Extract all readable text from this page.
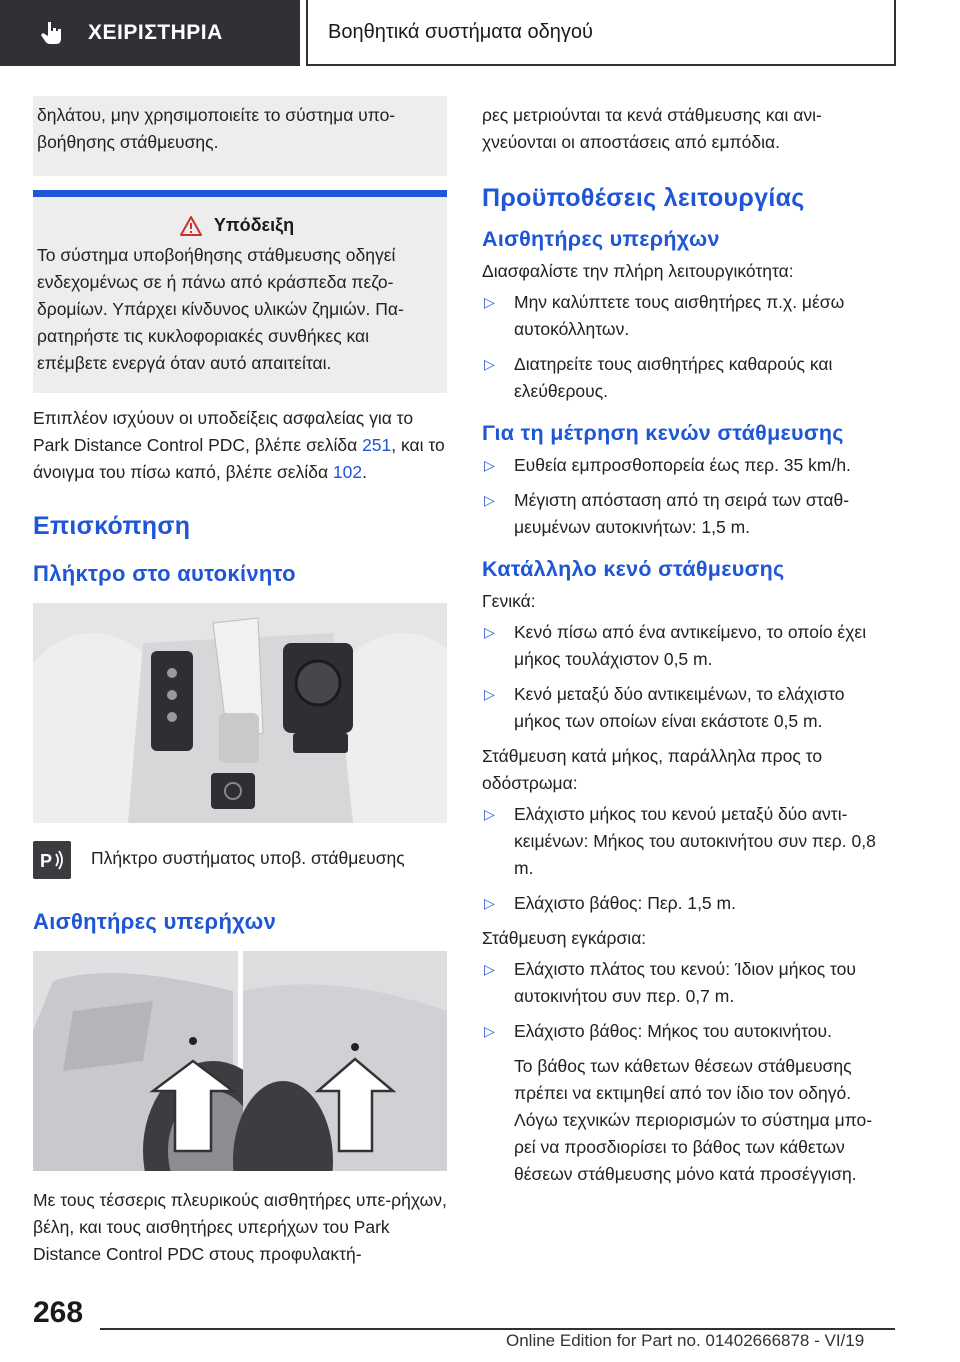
ΧΕΙΡΙΣΤΗΡΙΑ	Βοηθητικά συστήματα οδηγού

δηλάτου, μην χρησιμοποιείτε το σύστημα υπο-βοήθησης στάθμευσης.

Υπόδειξη

Το σύστημα υποβοήθησης στάθμευσης οδηγεί ενδεχομένως σε ή πάνω από κράσπεδα πεζο-δρομίων. Υπάρχει κίνδυνος υλικών ζημιών. Πα-ρατηρήστε τις κυκλοφοριακές συνθήκες και επέμβετε ενεργά όταν αυτό απαιτείται.

Επιπλέον ισχύουν οι υποδείξεις ασφαλείας για το Park Distance Control PDC, βλέπε σελίδα 251, και το άνοιγμα του πίσω καπό, βλέπε σελίδα 102.

Επισκόπηση
Πλήκτρο στο αυτοκίνητο
P Πλήκτρο συστήματος υποβ. στάθμευσης

Αισθητήρες υπερήχων

Με τους τέσσερις πλευρικούς αισθητήρες υπε-ρήχων, βέλη, και τους αισθητήρες υπερήχων του Park Distance Control PDC στους προφυλακτή-

ρες μετριούνται τα κενά στάθμευσης και ανι-χνεύονται οι αποστάσεις από εμπόδια.

Προϋποθέσεις λειτουργίας
Αισθητήρες υπερήχων

Διασφαλίστε την πλήρη λειτουργικότητα:

▷	Μην καλύπτετε τους αισθητήρες π.χ. μέσω αυτοκόλλητων.
▷	Διατηρείτε τους αισθητήρες καθαρούς και ελεύθερους.
Για τη μέτρηση κενών στάθμευσης
▷	Ευθεία εμπροσθοπορεία έως περ. 35 km/h.
▷	Μέγιστη απόσταση από τη σειρά των σταθ-μευμένων αυτοκινήτων: 1,5 m.
Κατάλληλο κενό στάθμευσης

Γενικά:

▷	Κενό πίσω από ένα αντικείμενο, το οποίο έχει μήκος τουλάχιστον 0,5 m.
▷	Κενό μεταξύ δύο αντικειμένων, το ελάχιστο μήκος των οποίων είναι εκάστοτε 0,5 m.

Στάθμευση κατά μήκος, παράλληλα προς το οδόστρωμα:

▷	Ελάχιστο μήκος του κενού μεταξύ δύο αντι-κειμένων: Μήκος του αυτοκινήτου συν περ. 0,8 m.
▷	Ελάχιστο βάθος: Περ. 1,5 m.

Στάθμευση εγκάρσια:

▷	Ελάχιστο πλάτος του κενού: Ίδιον μήκος του αυτοκινήτου συν περ. 0,7 m.
▷	Ελάχιστο βάθος: Μήκος του αυτοκινήτου.

Το βάθος των κάθετων θέσεων στάθμευσης πρέπει να εκτιμηθεί από τον ίδιο τον οδηγό. Λόγω τεχνικών περιορισμών το σύστημα μπο-ρεί να προσδιορίσει το βάθος των κάθετων θέσεων στάθμευσης μόνο κατά προσέγγιση.

268
Online Edition for Part no. 01402666878 - VI/19
